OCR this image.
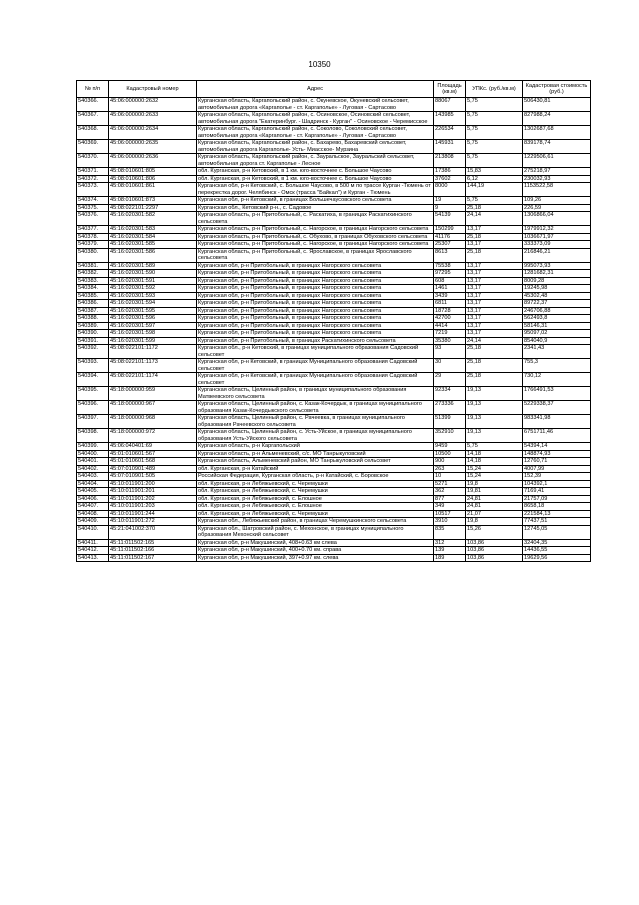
10350
№ п/п	Кадастровый номер	Адрес	Площадь (кв.м)	УПКс. (руб./кв.м)	Кадастровая стоимость (руб.)
540366.	45:06:000000:2632	Курганская область, Каргапольский район, с. Окуневское, Окуневский сельсовет, автомобильная дорога «Каргаполье - ст. Каргаполье» - Луговая - Сартасово	88067	5,75	506430,81
540367.	45:06:000000:2633	Курганская область, Каргапольский район, с. Осиновское, Осиновский сельсовет, автомобильная дорога "Екатеринбург. - Шадринск - Курган" - Осиновское - Черемисское	143985	5,75	827988,24
540368.	45:06:000000:2634	Курганская область, Каргапольский район, с. Соколово, Соколовский сельсовет, автомобильная дорога «Каргаполье - ст. Каргаполье» - Луговая - Сартасово	226534	5,75	1302687,68
540369.	45:06:000000:2635	Курганская область, Каргапольский район, с. Бахарево, Бахаревский сельсовет, автомобильная дорога Каргаполье- Усть- Миасское- Мурзина	145931	5,75	839178,74
540370.	45:06:000000:2636	Курганская область, Каргапольский район, с. Зауральское, Зауральский сельсовет, автомобильная дорога ст. Каргаполье - Лесное	213808	5,75	1229506,61
540371.	45:08:010601:805	обл. Курганская, р-н Кетовский, в 1 км. юго-восточнее с. Большое Чаусово	17386	15,83	275218,97
540372.	45:08:010601:806	обл. Курганская, р-н Кетовский, в 1 км. юго-восточнее с. Большое Чаусово	37602	6,12	230032,93
540373.	45:08:010601:861	Курганская обл, р-н Кетовский, с. Большое Чаусово, в 500 м по трассе Курган -Тюмень от перекрестка дорог. Челябинск - Омск (трасса "Байкал") и Курган - Тюмень	8000	144,19	1153522,58
540374.	45:08:010601:873	Курганская обл, р-н Кетовский, в границах Большечаусовского сельсовета	19	5,75	109,26
540375.	45:08:022101:2297	Курганская обл., Кетовский р-н., с. Садовое	9	25,18	226,59
540376.	45:16:020301:582	Курганская область, р-н Притобольный, с. Раскатиха, в границах Раскатихинского сельсовета	54139	24,14	1306866,04
540377.	45:16:020301:583	Курганская область, р-н Притобольный, с. Нагорское, в границах Нагорского сельсовета	150299	13,17	1979912,32
540378.	45:16:020301:584	Курганская область, р-н Притобольный, с. Обухово, в границах Обуховского сельсовета	41176	25,18	1036671,97
540379.	45:16:020301:585	Курганская область, р-н Притобольный, с. Нагорское, в границах Нагорского сельсовета	25307	13,17	333373,09
540380.	45:16:020301:586	Курганская область, р-н Притобольный, с. Ярославское, в границах Ярославского сельсовета	8613	25,18	216846,21
540381.	45:16:020301:589	Курганская обл, р-н Притобольный, в границах Нагорского сельсовета	75538	13,17	995073,93
540382.	45:16:020301:590	Курганская обл, р-н Притобольный, в границах Нагорского сельсовета	97295	13,17	1281682,31
540383.	45:16:020301:591	Курганская обл, р-н Притобольный, в границах Нагорского сельсовета	608	13,17	8009,28
540384.	45:16:020301:592	Курганская обл, р-н Притобольный, в границах Нагорского сельсовета	1461	13,17	19245,98
540385.	45:16:020301:593	Курганская обл, р-н Притобольный, в границах Нагорского сельсовета	3439	13,17	45302,48
540386.	45:16:020301:594	Курганская обл, р-н Притобольный, в границах Нагорского сельсовета	6811	13,17	89722,37
540387.	45:16:020301:595	Курганская обл, р-н Притобольный, в границах Нагорского сельсовета	18728	13,17	246706,88
540388.	45:16:020301:596	Курганская обл, р-н Притобольный, в границах Нагорского сельсовета	42700	13,17	562493,8
540389.	45:16:020301:597	Курганская обл, р-н Притобольный, в границах Нагорского сельсовета	4414	13,17	58146,31
540390.	45:16:020301:598	Курганская обл, р-н Притобольный, в границах Нагорского сельсовета	7219	13,17	95097,02
540391.	45:16:020301:599	Курганская обл, р-н Притобольный, в границах Раскатихинского сельсовета	35380	24,14	854040,9
540392.	45:08:022101:1172	Курганская обл., р-н Кетовский, в границах муниципального образования Садовский сельсовет	93	25,18	2341,43
540393.	45:08:022101:1173	Курганская обл, р-н Кетовский, в границах Муниципального образования Садовский сельсовет	30	25,18	755,3
540394.	45:08:022101:1174	Курганская обл, р-н Кетовский, в границах Муниципального образования Садовский сельсовет	29	25,18	730,12
540395.	45:18:000000:959	Курганская область, Целинный район, в границах муниципального образования Матвеевского сельсовета	92334	19,13	1766491,53
540396.	45:18:000000:967	Курганская область, Целинный район, с. Казак-Кочердык, в границах муниципального образования Казак-Кочердыкского сельсовета	273336	19,13	5229338,37
540397.	45:18:000000:968	Курганская область, Целинный район, с. Рачеевка, в границах муниципального образования Рачеевского сельсовета	51399	19,13	983341,98
540398.	45:18:000000:972	Курганская область, Целинный район, с. Усть-Уйское, в границах муниципального образования Усть-Уйского сельсовета	352910	19,13	6751711,46
540399.	45:06:040401:69	Курганская область, р-н Каргапольский	9459	5,75	54394,14
540400.	45:01:010601:567	Курганская область, р-н Альменевский, с/с. МО Танрыкуловский	10500	14,18	148874,93
540401.	45:01:010601:568	Курганская область, Альменевский район, МО Танрыкуловский сельсовет	900	14,18	12760,71
540402.	45:07:010901:489	обл. Курганская, р-н Катайский	263	15,24	4007,99
540403.	45:07:010901:505	Российская Федерация, Курганская область, р-н Катайский, с. Боровское	10	15,24	152,39
540404.	45:10:011901:200	обл. Курганская, р-н Лебяжьевский, с. Черемушки	5271	19,8	104392,1
540405.	45:10:011901:201	обл. Курганская, р-н Лебяжьевский, с. Черемушки	362	19,81	7169,41
540406.	45:10:011901:202	обл. Курганская, р-н Лебяжьевский, с. Елошное	877	24,81	21757,09
540407.	45:10:011901:203	обл. Курганская, р-н Лебяжьевский, с. Елошное	349	24,81	8658,18
540408.	45:10:011901:244	обл. Курганская, р-н Лебяжьевский, с. Черемушки	10517	21,07	221584,13
540409.	45:10:011901:272	Курганская обл., Лебяжьевский район, в границах Черемушкинского сельсовета	3910	19,8	77437,51
540410.	45:21:041002:370	Курганская обл., Шатровский район, с. Мехонское, в границах муниципального образования Мехонский сельсовет	835	15,26	12745,05
540411.	45:11:011502:165	Курганская обл, р-н Макушинский, 408+0.63 км слева	312	103,86	32404,35
540412.	45:11:011502:166	Курганская обл, р-н Макушинский, 400+0.70 км. справа	139	103,86	14436,55
540413.	45:11:011502:167	Курганская обл, р-н Макушинский, 397+0.97 км. слева	189	103,86	19629,56
